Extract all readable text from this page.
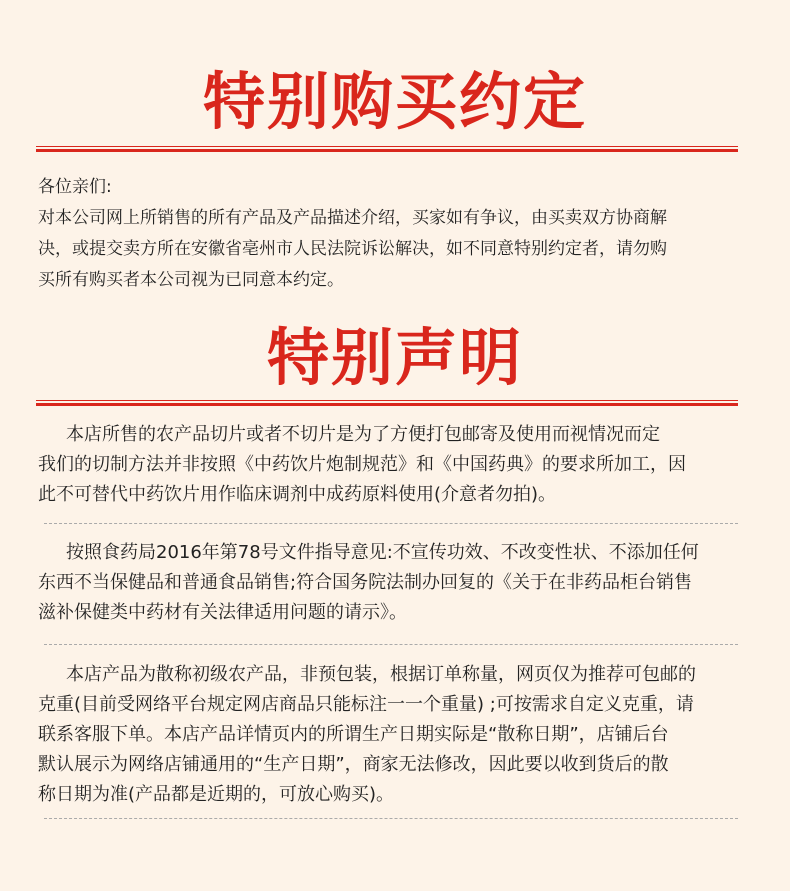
特别购买约定
各位亲们:
对本公司网上所销售的所有产品及产品描述介绍，买家如有争议，由买卖双方协商解
决，或提交卖方所在安徽省亳州市人民法院诉讼解决，如不同意特别约定者，请勿购
买所有购买者本公司视为已同意本约定。
特别声明
本店所售的农产品切片或者不切片是为了方便打包邮寄及使用而视情况而定
我们的切制方法并非按照《中药饮片炮制规范》和《中国药典》的要求所加工，因
此不可替代中药饮片用作临床调剂中成药原料使用(介意者勿拍)。
按照食药局2016年第78号文件指导意见:不宣传功效、不改变性状、不添加任何
东西不当保健品和普通食品销售;符合国务院法制办回复的《关于在非药品柜台销售
滋补保健类中药材有关法律适用问题的请示》。
本店产品为散称初级农产品，非预包装，根据订单称量，网页仅为推荐可包邮的
克重(目前受网络平台规定网店商品只能标注一一个重量) ;可按需求自定义克重，请
联系客服下单。本店产品详情页内的所谓生产日期实际是“散称日期”，店铺后台
默认展示为网络店铺通用的“生产日期”，商家无法修改，因此要以收到货后的散
称日期为准(产品都是近期的，可放心购买)。
